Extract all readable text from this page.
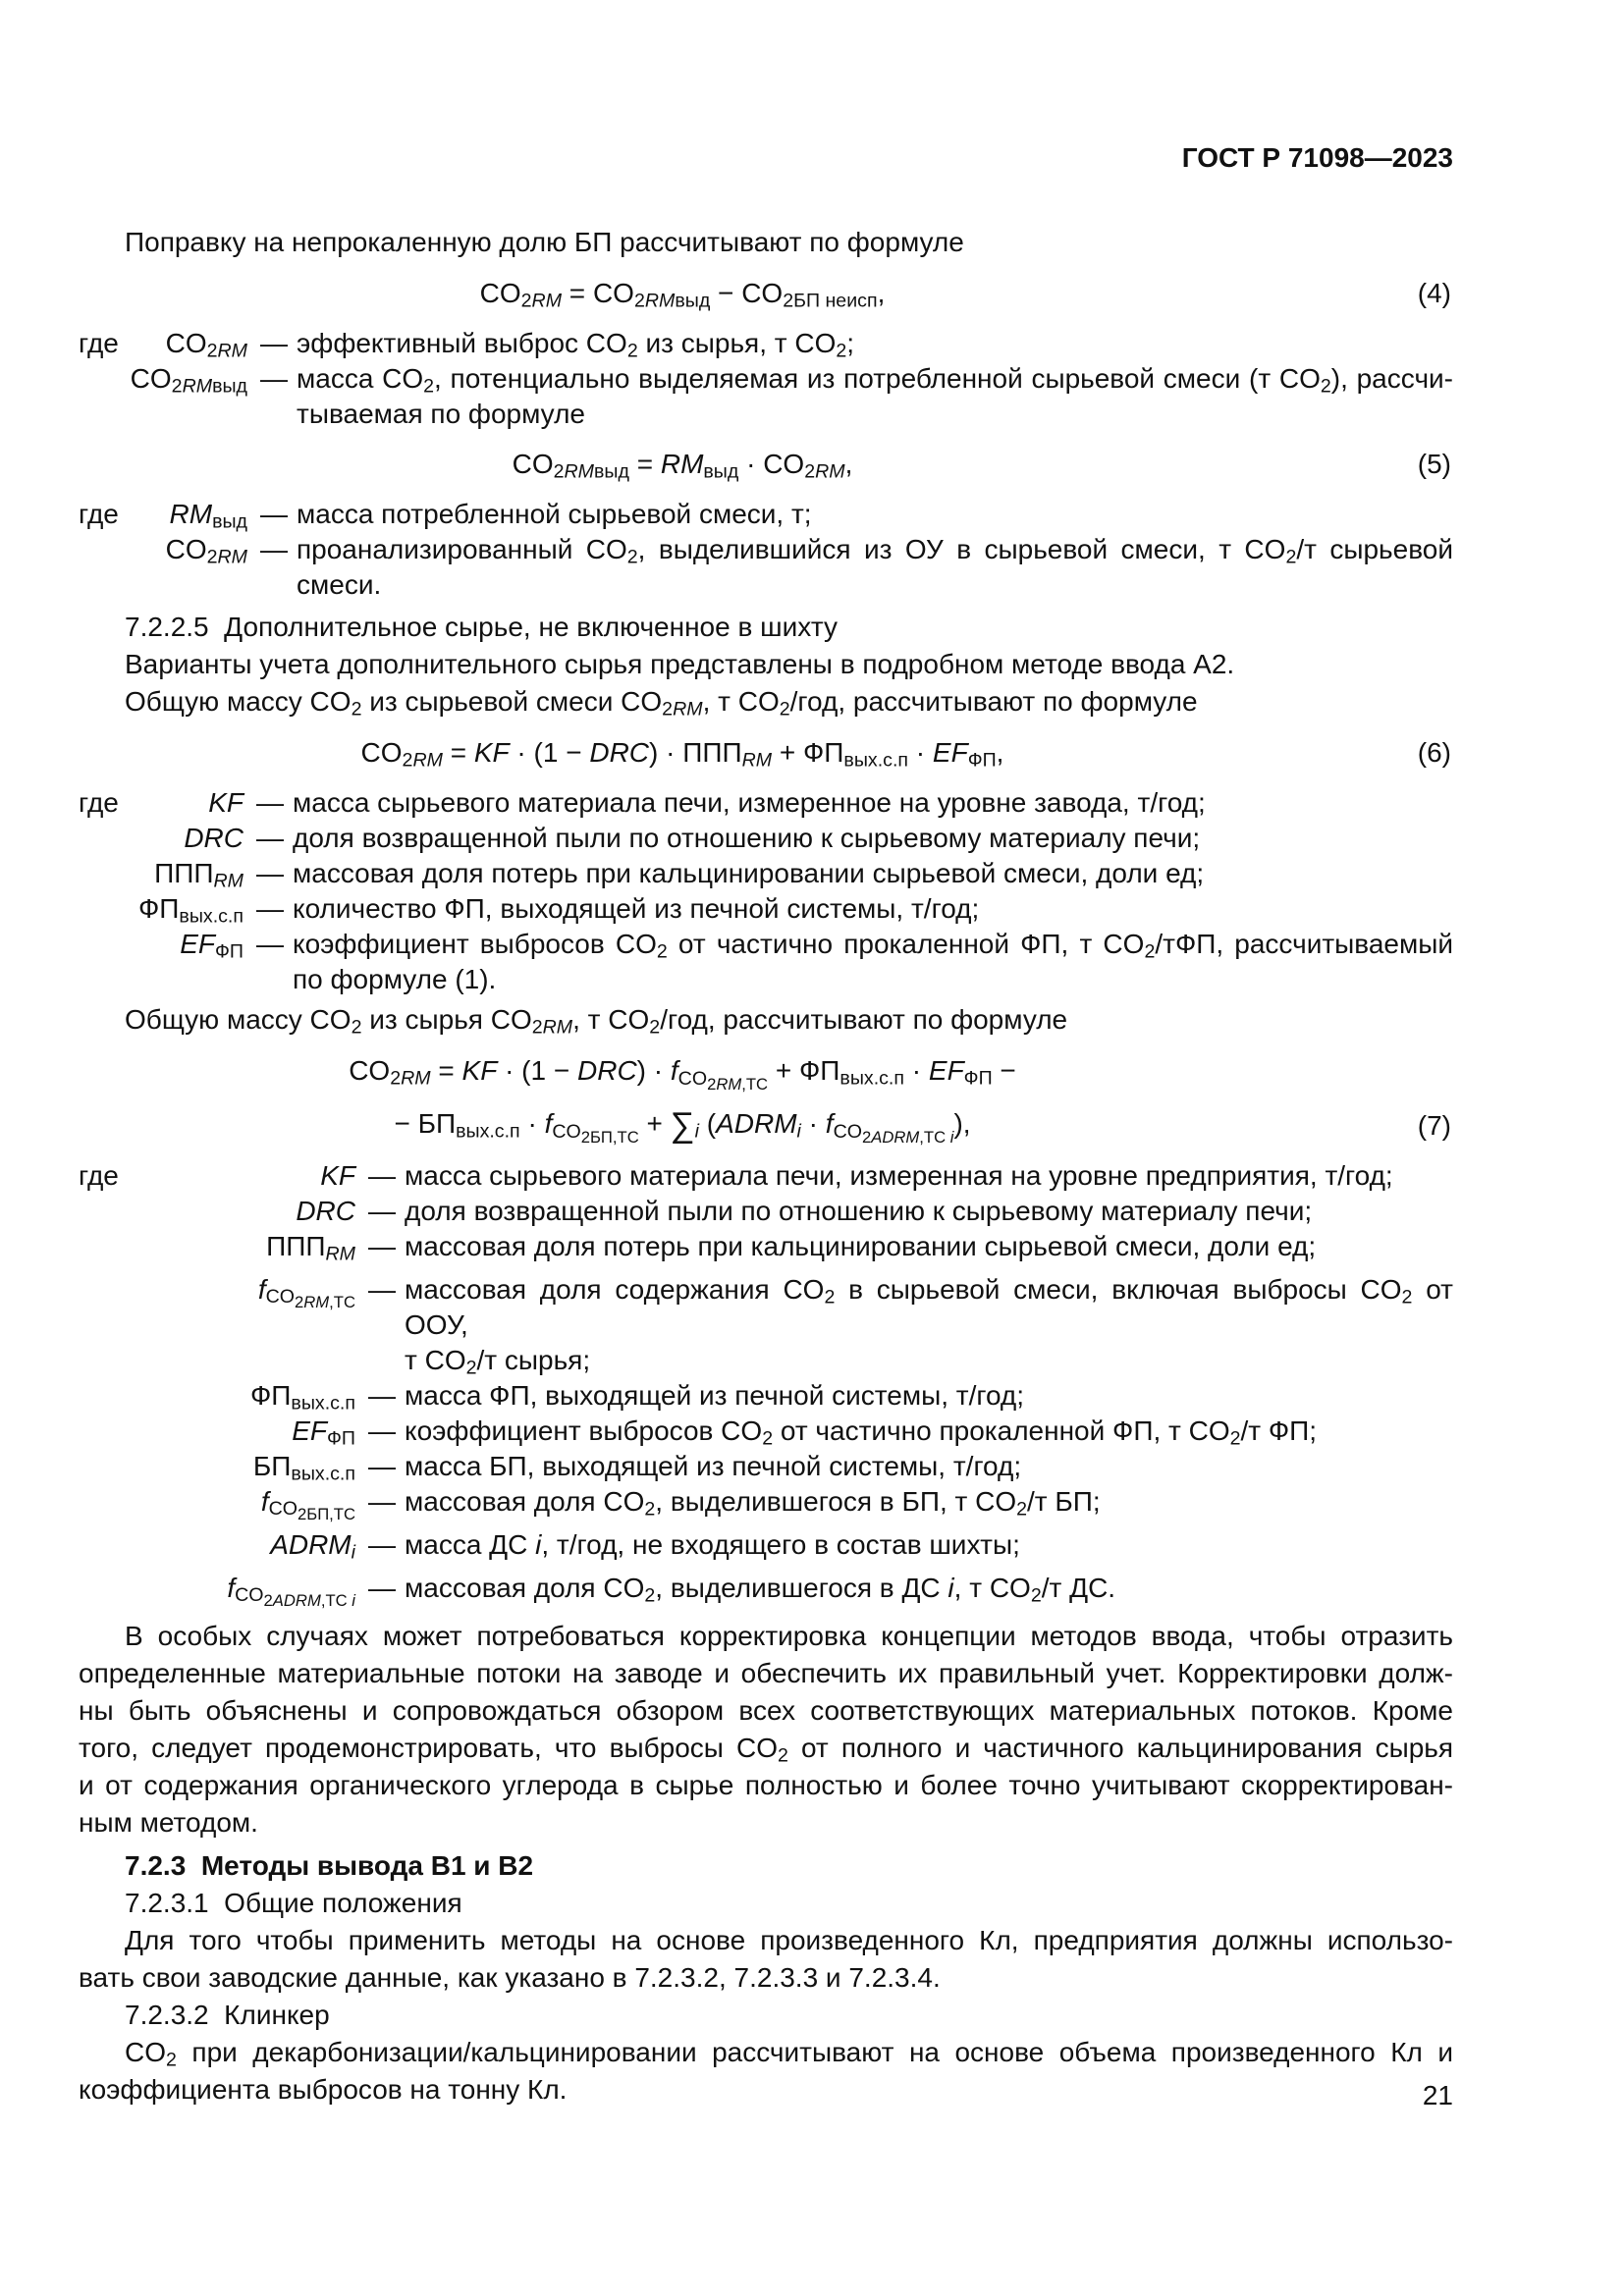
ГОСТ Р 71098—2023
Поправку на непрокаленную долю БП рассчитывают по формуле
$CO_{2RM} = CO_{2RMвыд} - CO_{2БП неисп}$,	(4)
где $CO_{2RM}$ — эффективный выброс $CO_2$ из сырья, т $CO_2$;
$CO_{2RMвыд}$ — масса $CO_2$, потенциально выделяемая из потребленной сырьевой смеси (т $CO_2$), рассчи-
тываемая по формуле
$CO_{2RMвыд} = RM_{выд} \cdot CO_{2RM}$,	(5)
где $RM_{выд}$ — масса потребленной сырьевой смеси, т;
$CO_{2RM}$ — проанализированный $CO_2$, выделившийся из ОУ в сырьевой смеси, т $CO_2/т$ сырьевой
смеси.
7.2.2.5  Дополнительное сырье, не включенное в шихту
Варианты учета дополнительного сырья представлены в подробном методе ввода А2.
Общую массу $CO_2$ из сырьевой смеси $CO_{2RM}$, т $CO_2$/год, рассчитывают по формуле
$CO_{2RM}$ = KF · $(1 - DRC) \cdot ППП_{RM} + ФП_{вых.с.п} \cdot EF_{ФП}$,	(6)
где	KF — масса сырьевого материала печи, измеренное на уровне завода, т/год;
DRC — доля возвращенной пыли по отношению к сырьевому материалу печи;
$ППП_{RM}$ — массовая доля потерь при кальцинировании сырьевой смеси, доли ед;
$ФП_{вых.с.п}$ — количество ФП, выходящей из печной системы, т/год;
$EF_{ФП}$ — коэффициент выбросов $CO_2$ от частично прокаленной ФП, т $CO_2$/тФП, рассчитываемый
по формуле (1).
Общую массу $CO_2$ из сырья $CO_{2RM}$, т $CO_2$/год, рассчитывают по формуле
$CO_{2RM}$ = KF · $(1 - DRC) \cdot f_{CO_{2RM,ТС}} + ФП_{вых.с.п} \cdot EF_{ФП}$ −
− $БП_{вых.с.п} \cdot f_{CO_{2БП,ТС}} + \sum_i$ $(ADRM_i \cdot f_{CO_{2ADRM,ТС i}})$,	(7)
где	KF — масса сырьевого материала печи, измеренная на уровне предприятия, т/год;
DRC — доля возвращенной пыли по отношению к сырьевому материалу печи;
$ППП_{RM}$ — массовая доля потерь при кальцинировании сырьевой смеси, доли ед;
$f_{CO_{2RM,ТС}}$ — массовая доля содержания $CO_2$ в сырьевой смеси, включая выбросы $CO_2$ от ООУ,
т $CO_2/т$ сырья;
$ФП_{вых.с.п}$ — масса ФП, выходящей из печной системы, т/год;
$EF_{ФП}$ — коэффициент выбросов $CO_2$ от частично прокаленной ФП, т $CO_2/т$ ФП;
$БП_{вых.с.п}$ — масса БП, выходящей из печной системы, т/год;
$f_{CO_{2БП,ТС}}$ — массовая доля $CO_2$, выделившегося в БП, т $CO_2/т$ БП;
$ADRM_i$ — масса ДС i, т/год, не входящего в состав шихты;
$f_{CO_{2ADRM,ТС i}}$ — массовая доля $CO_2$, выделившегося в ДС i, т $CO_2/т$ ДС.
В особых случаях может потребоваться корректировка концепции методов ввода, чтобы отразить
определенные материальные потоки на заводе и обеспечить их правильный учет. Корректировки долж-
ны быть объяснены и сопровождаться обзором всех соответствующих материальных потоков. Кроме
того, следует продемонстрировать, что выбросы $CO_2$ от полного и частичного кальцинирования сырья
и от содержания органического углерода в сырье полностью и более точно учитывают скорректирован-
ным методом.
7.2.3  Методы вывода В1 и В2
7.2.3.1  Общие положения
Для того чтобы применить методы на основе произведенного Кл, предприятия должны использо-
вать свои заводские данные, как указано в 7.2.3.2, 7.2.3.3 и 7.2.3.4.
7.2.3.2  Клинкер
$CO_2$ при декарбонизации/кальцинировании рассчитывают на основе объема произведенного Кл и
коэффициента выбросов на тонну Кл.	21
